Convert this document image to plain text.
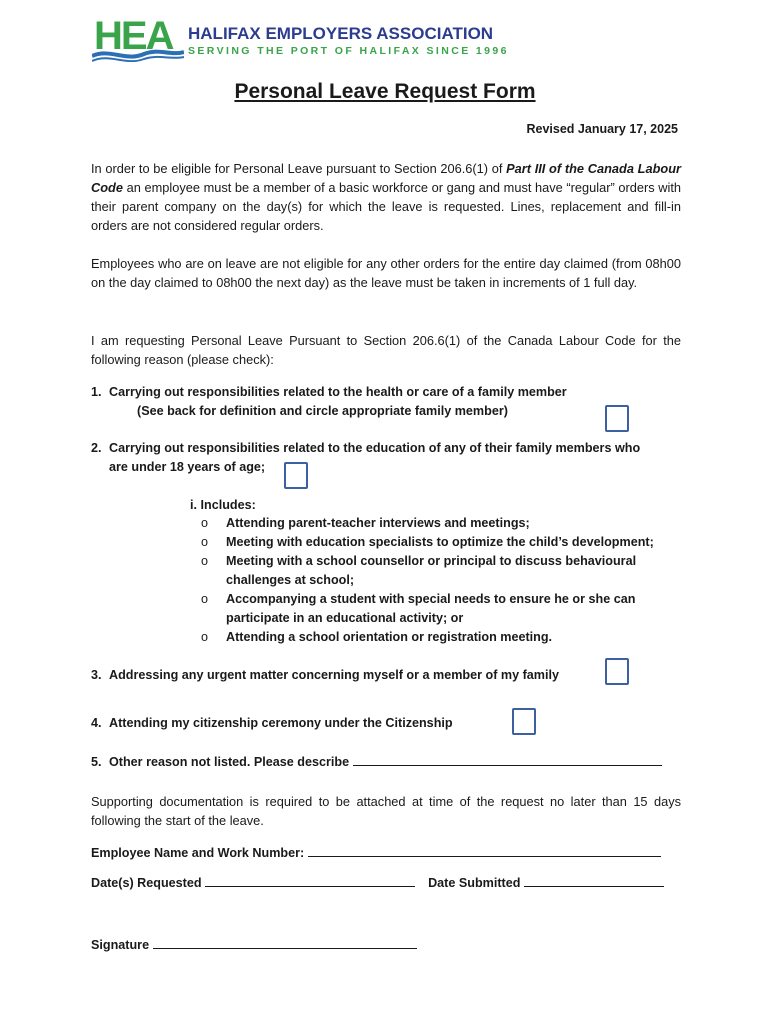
HEA HALIFAX EMPLOYERS ASSOCIATION
SERVING THE PORT OF HALIFAX SINCE 1996
Personal Leave Request Form
Revised January 17, 2025
In order to be eligible for Personal Leave pursuant to Section 206.6(1) of Part III of the Canada Labour Code an employee must be a member of a basic workforce or gang and must have “regular” orders with their parent company on the day(s) for which the leave is requested. Lines, replacement and fill-in orders are not considered regular orders.
Employees who are on leave are not eligible for any other orders for the entire day claimed (from 08h00 on the day claimed to 08h00 the next day) as the leave must be taken in increments of 1 full day.
I am requesting Personal Leave Pursuant to Section 206.6(1) of the Canada Labour Code for the following reason (please check):
1. Carrying out responsibilities related to the health or care of a family member
(See back for definition and circle appropriate family member)
2. Carrying out responsibilities related to the education of any of their family members who
are under 18 years of age;
i. Includes:
o Attending parent-teacher interviews and meetings;
o Meeting with education specialists to optimize the child’s development;
o Meeting with a school counsellor or principal to discuss behavioural challenges at school;
o Accompanying a student with special needs to ensure he or she can participate in an educational activity; or
o Attending a school orientation or registration meeting.
3. Addressing any urgent matter concerning myself or a member of my family
4. Attending my citizenship ceremony under the Citizenship
5. Other reason not listed. Please describe
Supporting documentation is required to be attached at time of the request no later than 15 days following the start of the leave.
Employee Name and Work Number:
Date(s) Requested	Date Submitted
Signature
